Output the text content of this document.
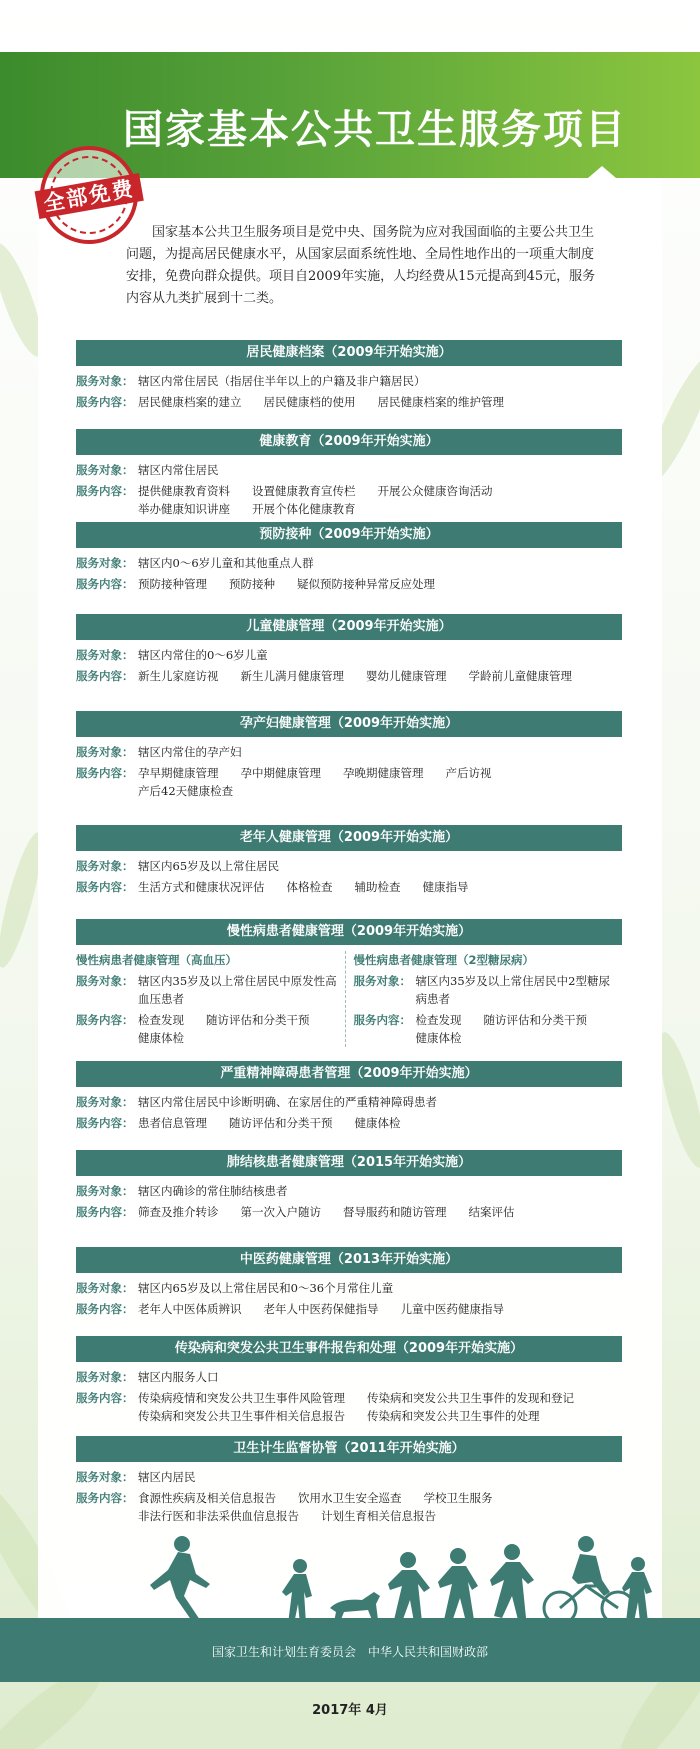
国家基本公共卫生服务项目
全部免费

国家基本公共卫生服务项目是党中央、国务院为应对我国面临的主要公共卫生问题，为提高居民健康水平，从国家层面系统性地、全局性地作出的一项重大制度安排，免费向群众提供。项目自2009年实施，人均经费从15元提高到45元，服务内容从九类扩展到十二类。

居民健康档案（2009年开始实施）
服务对象： 辖区内常住居民（指居住半年以上的户籍及非户籍居民）
服务内容： 居民健康档案的建立 居民健康档的使用 居民健康档案的维护管理
健康教育（2009年开始实施）
服务对象： 辖区内常住居民
服务内容： 提供健康教育资料 设置健康教育宣传栏 开展公众健康咨询活动
举办健康知识讲座 开展个体化健康教育
预防接种（2009年开始实施）
服务对象： 辖区内0～6岁儿童和其他重点人群
服务内容： 预防接种管理 预防接种 疑似预防接种异常反应处理
儿童健康管理（2009年开始实施）
服务对象： 辖区内常住的0～6岁儿童
服务内容： 新生儿家庭访视 新生儿满月健康管理 婴幼儿健康管理 学龄前儿童健康管理
孕产妇健康管理（2009年开始实施）
服务对象： 辖区内常住的孕产妇
服务内容： 孕早期健康管理 孕中期健康管理 孕晚期健康管理 产后访视
产后42天健康检查
老年人健康管理（2009年开始实施）
服务对象： 辖区内65岁及以上常住居民
服务内容： 生活方式和健康状况评估 体格检查 辅助检查 健康指导
慢性病患者健康管理（2009年开始实施）
慢性病患者健康管理（高血压）
服务对象： 辖区内35岁及以上常住居民中原发性高血压患者
服务内容： 检查发现 随访评估和分类干预
健康体检
慢性病患者健康管理（2型糖尿病）
服务对象： 辖区内35岁及以上常住居民中2型糖尿病患者
服务内容： 检查发现 随访评估和分类干预
健康体检
严重精神障碍患者管理（2009年开始实施）
服务对象： 辖区内常住居民中诊断明确、在家居住的严重精神障碍患者
服务内容： 患者信息管理 随访评估和分类干预 健康体检
肺结核患者健康管理（2015年开始实施）
服务对象： 辖区内确诊的常住肺结核患者
服务内容： 筛查及推介转诊 第一次入户随访 督导服药和随访管理 结案评估
中医药健康管理（2013年开始实施）
服务对象： 辖区内65岁及以上常住居民和0～36个月常住儿童
服务内容： 老年人中医体质辨识 老年人中医药保健指导 儿童中医药健康指导
传染病和突发公共卫生事件报告和处理（2009年开始实施）
服务对象： 辖区内服务人口
服务内容： 传染病疫情和突发公共卫生事件风险管理 传染病和突发公共卫生事件的发现和登记
传染病和突发公共卫生事件相关信息报告 传染病和突发公共卫生事件的处理
卫生计生监督协管（2011年开始实施）
服务对象： 辖区内居民
服务内容： 食源性疾病及相关信息报告 饮用水卫生安全巡查 学校卫生服务
非法行医和非法采供血信息报告 计划生育相关信息报告
国家卫生和计划生育委员会　中华人民共和国财政部
2017年 4月
